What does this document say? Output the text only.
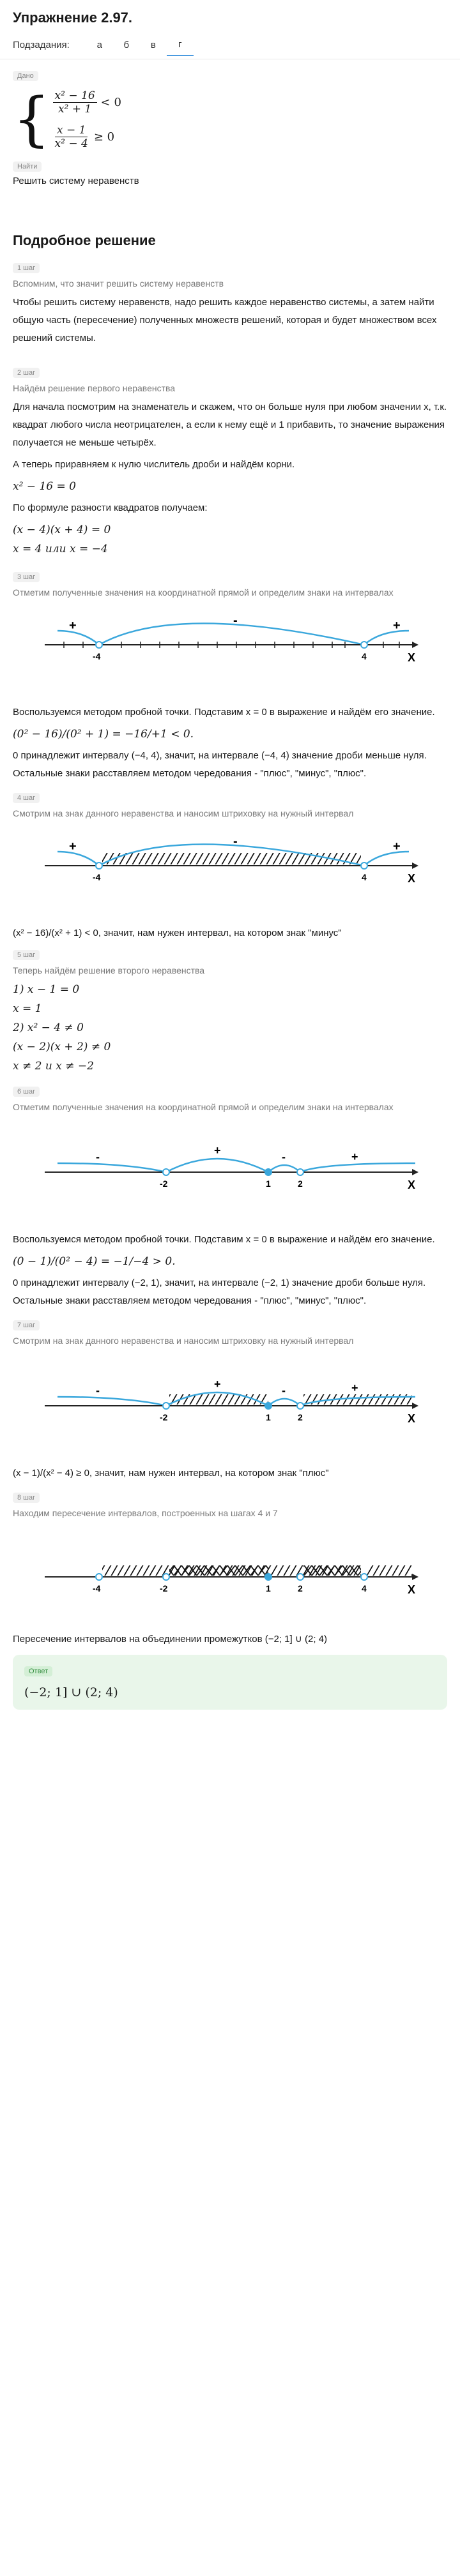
Упражнение 2.97.
Подзадания:	а	б	в	г
Дано
{ $\frac{\text{x² − 16}}{\text{x² + 1}} < 0$
$\frac{x - 1}{\text{x² − 4}} \ge 0$
Найти
Решить систему неравенств
Подробное решение
1 шаг
Вспомним, что значит решить систему неравенств
Чтобы решить систему неравенств, надо решить каждое неравенство системы, а затем найти общую часть (пересечение) полученных множеств решений, которая и будет множеством всех решений системы.
2 шаг
Найдём решение первого неравенства
Для начала посмотрим на знаменатель и скажем, что он больше нуля при любом значении x, т.к. квадрат любого числа неотрицателен, а если к нему ещё и 1 прибавить, то значение выражения получается не меньше четырёх.
А теперь приравняем к нулю числитель дроби и найдём корни.
x² − 16 = 0
По формуле разности квадратов получаем:
(x − 4)(x + 4) = 0
x = 4 или x = −4
3 шаг
Отметим полученные значения на координатной прямой и определим знаки на интервалах
+	-	+
-4	4	X
Воспользуемся методом пробной точки. Подставим x = 0 в выражение и найдём его значение.
(0² − 16)/(0² + 1) = −16/+1 < 0.
0 принадлежит интервалу (−4, 4), значит, на интервале (−4, 4) значение дроби меньше нуля. Остальные знаки расставляем методом чередования - "плюс", "минус", "плюс".
4 шаг
Смотрим на знак данного неравенства и наносим штриховку на нужный интервал
+	-	+
-4	4	X
(x² − 16)/(x² + 1) < 0, значит, нам нужен интервал, на котором знак "минус"
5 шаг
Теперь найдём решение второго неравенства
1) x − 1 = 0
x = 1
2) x² − 4 ≠ 0
(x − 2)(x + 2) ≠ 0
x ≠ 2 и x ≠ −2
6 шаг
Отметим полученные значения на координатной прямой и определим знаки на интервалах
-	+	-	+
-2	1	2	X
Воспользуемся методом пробной точки. Подставим x = 0 в выражение и найдём его значение.
(0 − 1)/(0² − 4) = −1/−4 > 0.
0 принадлежит интервалу (−2, 1), значит, на интервале (−2, 1) значение дроби больше нуля. Остальные знаки расставляем методом чередования - "плюс", "минус", "плюс".
7 шаг
Смотрим на знак данного неравенства и наносим штриховку на нужный интервал
-	+	-	+
-2	1	2	X
(x − 1)/(x² − 4) ≥ 0, значит, нам нужен интервал, на котором знак "плюс"
8 шаг
Находим пересечение интервалов, построенных на шагах 4 и 7
-4	-2	1	2	4	X
Пересечение интервалов на объединении промежутков (−2; 1] ∪ (2; 4)
Ответ
(−2; 1] ∪ (2; 4)
